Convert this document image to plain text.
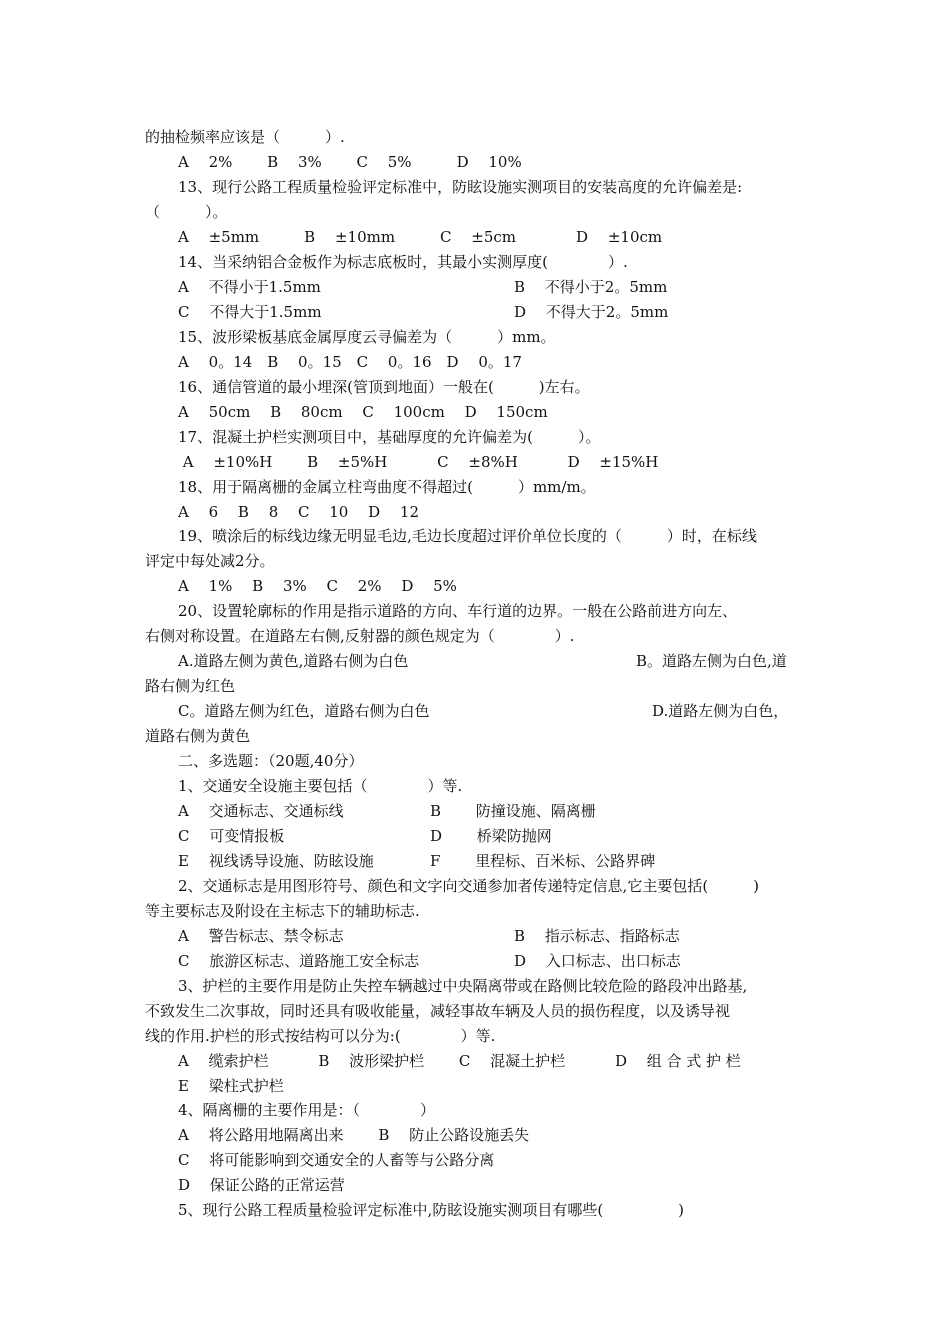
的抽检频率应该是（　　　）.
A　 2%　　 B　 3%　　 C　 5%　　　D　 10%
13、现行公路工程质量检验评定标准中，防眩设施实测项目的安装高度的允许偏差是:
（　　　）。
A　 ±5mm　　　B　 ±10mm　　　C　 ±5cm　　　　D　 ±10cm
14、当采纳铝合金板作为标志底板时，其最小实测厚度(　　　　）.
A　 不得小于1.5mm	B　 不得小于2。5mm
C　 不得大于1.5mm	D　 不得大于2。5mm
15、波形梁板基底金属厚度云寻偏差为（　　　）mm。
A　 0。14　B　 0。15　C　 0。16　D　 0。17
16、通信管道的最小埋深(管顶到地面）一般在(　　　)左右。
A　 50cm　 B　 80cm　 C　 100cm　 D　 150cm
17、混凝土护栏实测项目中，基础厚度的允许偏差为(　　　）。
A　 ±10%H　　 B　 ±5%H　　　 C　 ±8%H　　　 D　 ±15%H
18、用于隔离栅的金属立柱弯曲度不得超过(　　　）mm/m。
A　 6　 B　 8　 C　 10　 D　 12
19、喷涂后的标线边缘无明显毛边,毛边长度超过评价单位长度的（　　　）时，在标线
评定中每处减2分。
A　 1%　 B　 3%　 C　 2%　 D　 5%
20、设置轮廓标的作用是指示道路的方向、车行道的边界。一般在公路前进方向左、
右侧对称设置。在道路左右侧,反射器的颜色规定为（　　　　）.
A.道路左侧为黄色,道路右侧为白色	B。道路左侧为白色,道
路右侧为红色
C。道路左侧为红色，道路右侧为白色	D.道路左侧为白色，
道路右侧为黄色
二、多选题：（20题,40分）
1、交通安全设施主要包括（　　　　）等.
A　 交通标志、交通标线	B　　 防撞设施、隔离栅
C　 可变情报板	D　　 桥梁防抛网
E　 视线诱导设施、防眩设施	F　　 里程标、百米标、公路界碑
2、交通标志是用图形符号、颜色和文字向交通参加者传递特定信息,它主要包括(　　　)
等主要标志及附设在主标志下的辅助标志.
A　 警告标志、禁令标志	B　 指示标志、指路标志
C　 旅游区标志、道路施工安全标志	D　 入口标志、出口标志
3、护栏的主要作用是防止失控车辆越过中央隔离带或在路侧比较危险的路段冲出路基,
不致发生二次事故，同时还具有吸收能量，减轻事故车辆及人员的损伤程度，以及诱导视
线的作用.护栏的形式按结构可以分为:(　　　　）等.
A　 缆索护栏　　　 B　 波形梁护栏　　 C　 混凝土护栏　　　 D　 组 合 式 护 栏
E　 梁柱式护栏
4、隔离栅的主要作用是：（　　　　）
A　 将公路用地隔离出来　　 B　 防止公路设施丢失
C　 将可能影响到交通安全的人畜等与公路分离
D　 保证公路的正常运营
5、现行公路工程质量检验评定标准中,防眩设施实测项目有哪些(　　　　　)
